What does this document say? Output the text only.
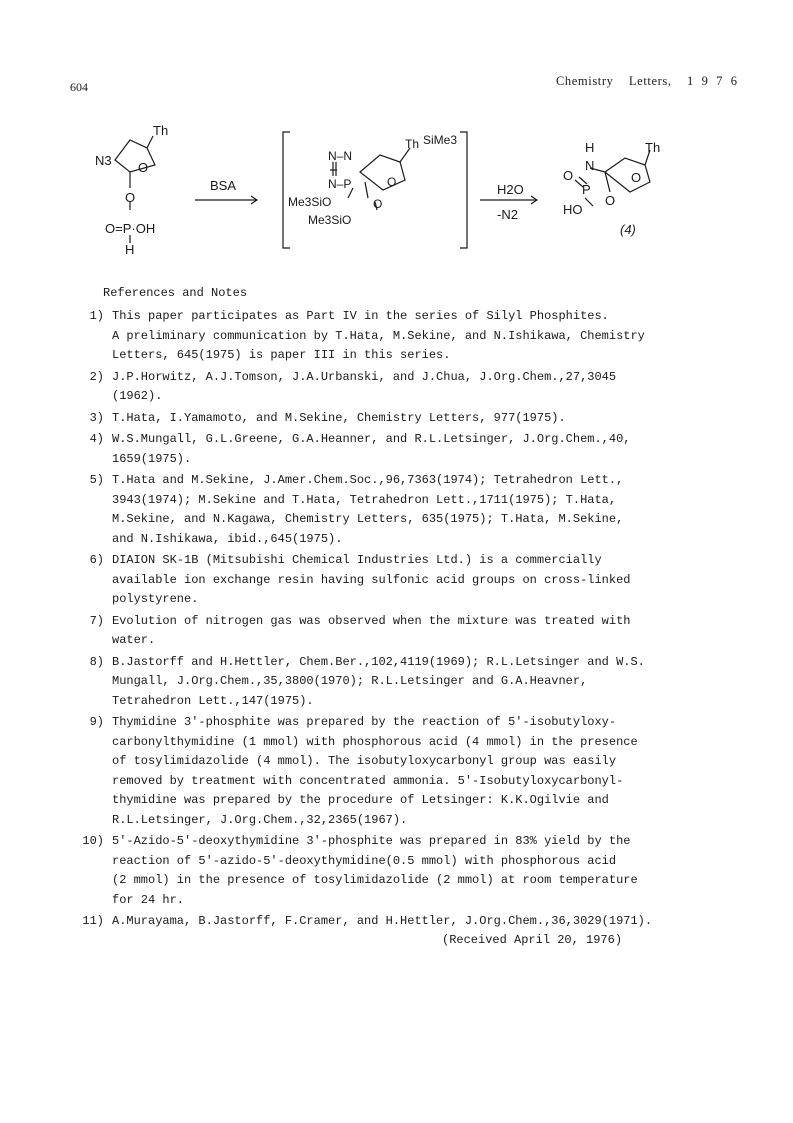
604	Chemistry  Letters,  1 9 7 6
Th
N3 O
O
O=P·OH
H
BSA
Th SiMe3
N–N
N–P
Me3SiO
Me3SiO
O
O
H2O
-N2
H
N
Th
O
P
HO
O
O
(4)
References and Notes
1) This paper participates as Part IV in the series of Silyl Phosphites.
A preliminary communication by T.Hata, M.Sekine, and N.Ishikawa, Chemistry
Letters, 645(1975) is paper III in this series.
2) J.P.Horwitz, A.J.Tomson, J.A.Urbanski, and J.Chua, J.Org.Chem.,27,3045
(1962).
3) T.Hata, I.Yamamoto, and M.Sekine, Chemistry Letters, 977(1975).
4) W.S.Mungall, G.L.Greene, G.A.Heanner, and R.L.Letsinger, J.Org.Chem.,40,
1659(1975).
5) T.Hata and M.Sekine, J.Amer.Chem.Soc.,96,7363(1974); Tetrahedron Lett.,
3943(1974); M.Sekine and T.Hata, Tetrahedron Lett.,1711(1975); T.Hata,
M.Sekine, and N.Kagawa, Chemistry Letters, 635(1975); T.Hata, M.Sekine,
and N.Ishikawa, ibid.,645(1975).
6) DIAION SK-1B (Mitsubishi Chemical Industries Ltd.) is a commercially
available ion exchange resin having sulfonic acid groups on cross-linked
polystyrene.
7) Evolution of nitrogen gas was observed when the mixture was treated with
water.
8) B.Jastorff and H.Hettler, Chem.Ber.,102,4119(1969); R.L.Letsinger and W.S.
Mungall, J.Org.Chem.,35,3800(1970); R.L.Letsinger and G.A.Heavner,
Tetrahedron Lett.,147(1975).
9) Thymidine 3'-phosphite was prepared by the reaction of 5'-isobutyloxy-
carbonylthymidine (1 mmol) with phosphorous acid (4 mmol) in the presence
of tosylimidazolide (4 mmol). The isobutyloxycarbonyl group was easily
removed by treatment with concentrated ammonia. 5'-Isobutyloxycarbonyl-
thymidine was prepared by the procedure of Letsinger: K.K.Ogilvie and
R.L.Letsinger, J.Org.Chem.,32,2365(1967).
10) 5'-Azido-5'-deoxythymidine 3'-phosphite was prepared in 83% yield by the
reaction of 5'-azido-5'-deoxythymidine(0.5 mmol) with phosphorous acid
(2 mmol) in the presence of tosylimidazolide (2 mmol) at room temperature
for 24 hr.
11) A.Murayama, B.Jastorff, F.Cramer, and H.Hettler, J.Org.Chem.,36,3029(1971).
(Received April 20, 1976)
